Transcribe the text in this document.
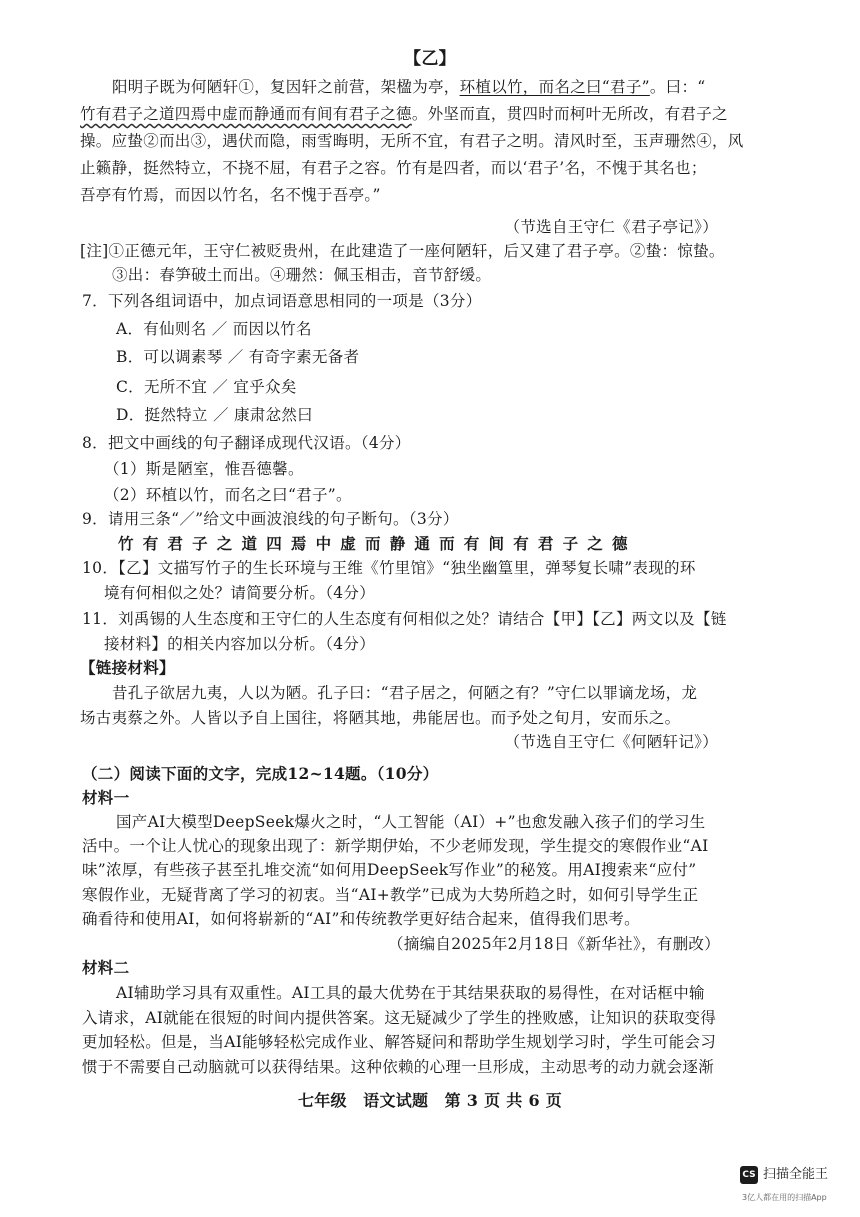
【乙】
阳明子既为何陋轩①，复因轩之前营，架楹为亭，环植以竹，而名之曰“君子”。曰：“
竹有君子之道四焉中虚而静通而有间有君子之德。外坚而直，贯四时而柯叶无所改，有君子之
操。应蛰②而出③，遇伏而隐，雨雪晦明，无所不宜，有君子之明。清风时至，玉声珊然④，风
止籁静，挺然特立，不挠不屈，有君子之容。竹有是四者，而以‘君子’名，不愧于其名也；
吾亭有竹焉，而因以竹名，名不愧于吾亭。”
（节选自王守仁《君子亭记》）
[注]①正德元年，王守仁被贬贵州，在此建造了一座何陋轩，后又建了君子亭。②蛰：惊蛰。
③出：春笋破土而出。④珊然：佩玉相击，音节舒缓。
7．下列各组词语中，加点词语意思相同的一项是（3分）
A．有仙则名 ／ 而因以竹名
B．可以调素琴 ／ 有奇字素无备者
C．无所不宜 ／ 宜乎众矣
D．挺然特立 ／ 康肃忿然曰
8．把文中画线的句子翻译成现代汉语。（4分）
（1）斯是陋室，惟吾德馨。
（2）环植以竹，而名之曰“君子”。
9．请用三条“／”给文中画波浪线的句子断句。（3分）
竹有君子之道四焉中虚而静通而有间有君子之德
10．【乙】文描写竹子的生长环境与王维《竹里馆》“独坐幽篁里，弹琴复长啸”表现的环
境有何相似之处？请简要分析。（4分）
11．刘禹锡的人生态度和王守仁的人生态度有何相似之处？请结合【甲】【乙】两文以及【链
接材料】的相关内容加以分析。（4分）
【链接材料】
昔孔子欲居九夷，人以为陋。孔子曰：“君子居之，何陋之有？”守仁以罪谪龙场，龙
场古夷蔡之外。人皆以予自上国往，将陋其地，弗能居也。而予处之旬月，安而乐之。
（节选自王守仁《何陋轩记》）
（二）阅读下面的文字，完成12~14题。（10分）
材料一
国产AI大模型DeepSeek爆火之时，“人工智能（AI）+”也愈发融入孩子们的学习生
活中。一个让人忧心的现象出现了：新学期伊始，不少老师发现，学生提交的寒假作业“AI
味”浓厚，有些孩子甚至扎堆交流“如何用DeepSeek写作业”的秘笈。用AI搜索来“应付”
寒假作业，无疑背离了学习的初衷。当“AI+教学”已成为大势所趋之时，如何引导学生正
确看待和使用AI，如何将崭新的“AI”和传统教学更好结合起来，值得我们思考。
（摘编自2025年2月18日《新华社》，有删改）
材料二
AI辅助学习具有双重性。AI工具的最大优势在于其结果获取的易得性，在对话框中输
入请求，AI就能在很短的时间内提供答案。这无疑减少了学生的挫败感，让知识的获取变得
更加轻松。但是，当AI能够轻松完成作业、解答疑问和帮助学生规划学习时，学生可能会习
惯于不需要自己动脑就可以获得结果。这种依赖的心理一旦形成，主动思考的动力就会逐渐
七年级　语文试题　第 3 页 共 6 页
CS 扫描全能王
3亿人都在用的扫描App
